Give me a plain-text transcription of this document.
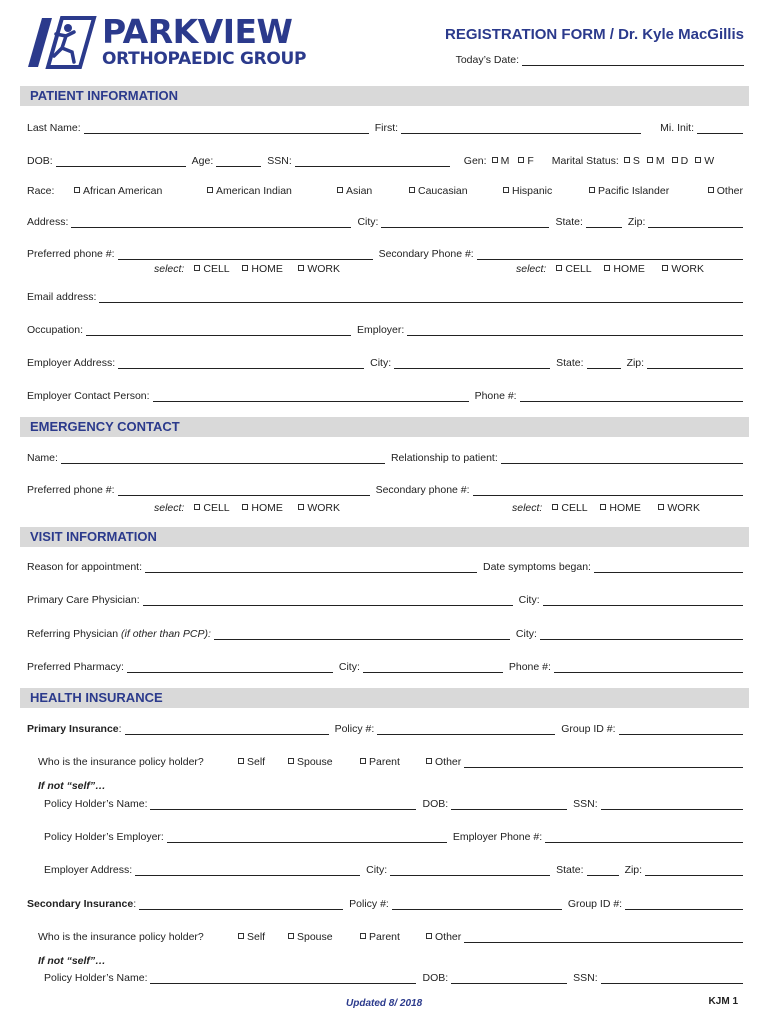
PARKVIEW
ORTHOPAEDIC GROUP
REGISTRATION FORM / Dr. Kyle MacGillis
Today’s Date:
PATIENT INFORMATION
Last Name:	First:	Mi. Init:
DOB:	Age:	SSN:	Gen: M F Marital Status: S M D W
Race:	African American	American Indian	Asian	Caucasian	Hispanic	Pacific Islander	Other
Address:	City:	State:	Zip:
Preferred phone #:	Secondary Phone #:
select: CELL HOME WORK	select: CELL HOME	WORK
Email address:
Occupation:	Employer:
Employer Address:	City:	State:	Zip:
Employer Contact Person:	Phone #:
EMERGENCY CONTACT
Name:	Relationship to patient:
Preferred phone #:	Secondary phone #:
select: CELL HOME WORK	select: CELL HOME	WORK
VISIT INFORMATION
Reason for appointment:	Date symptoms began:
Primary Care Physician:	City:
Referring Physician (if other than PCP):	City:
Preferred Pharmacy:	City:	Phone #:
HEALTH INSURANCE
Primary Insurance :	Policy #:	Group ID #:
Who is the insurance policy holder?	Self	Spouse	Parent	Other
If not “self”…
Policy Holder’s Name:	DOB:	SSN:
Policy Holder’s Employer:	Employer Phone #:
Employer Address:	City:	State:	Zip:
Secondary Insurance :	Policy #:	Group ID #:
Who is the insurance policy holder?	Self	Spouse	Parent	Other
If not “self”…
Policy Holder’s Name:	DOB:	SSN:
Updated 8/ 2018	KJM 1
